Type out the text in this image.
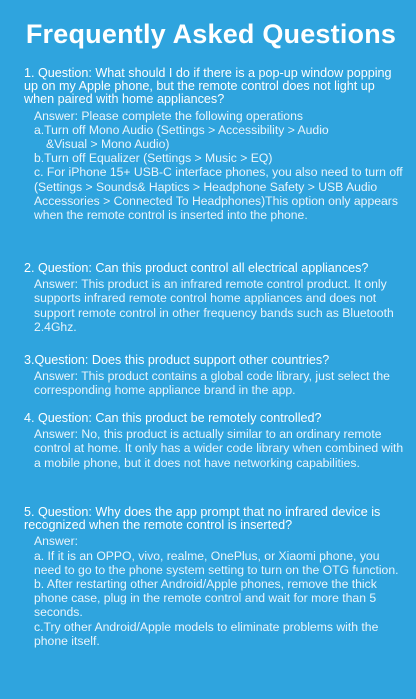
Frequently Asked Questions

1. Question: What should I do if there is a pop-up window popping up on my Apple phone, but the remote control does not light up when paired with home appliances?

Answer: Please complete the following operations

a.Turn off Mono Audio (Settings > Accessibility > Audio

&Visual > Mono Audio)

b.Turn off Equalizer (Settings > Music > EQ)

c. For iPhone 15+ USB-C interface phones, you also need to turn off (Settings > Sounds& Haptics > Headphone Safety > USB Audio Accessories > Connected To Headphones)This option only appears when the remote control is inserted into the phone.

2. Question: Can this product control all electrical appliances?

Answer: This product is an infrared remote control product. It only supports infrared remote control home appliances and does not support remote control in other frequency bands such as Bluetooth 2.4Ghz.

3.Question: Does this product support other countries?

Answer: This product contains a global code library, just select the corresponding home appliance brand in the app.

4. Question: Can this product be remotely controlled?

Answer: No, this product is actually similar to an ordinary remote control at home. It only has a wider code library when combined with a mobile phone, but it does not have networking capabilities.

5. Question: Why does the app prompt that no infrared device is recognized when the remote control is inserted?

Answer:

a. If it is an OPPO, vivo, realme, OnePlus, or Xiaomi phone, you need to go to the phone system setting to turn on the OTG function.

b. After restarting other Android/Apple phones, remove the thick phone case, plug in the remote control and wait for more than 5 seconds.

c.Try other Android/Apple models to eliminate problems with the phone itself.
